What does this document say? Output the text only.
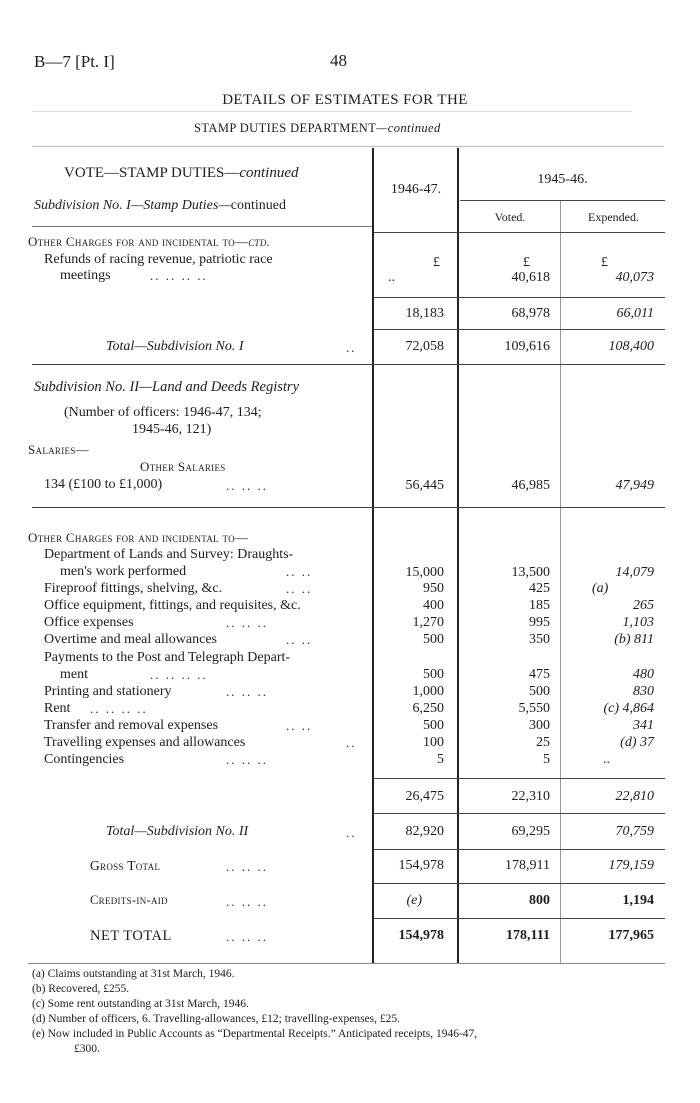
B—7 [Pt. I]	48
DETAILS OF ESTIMATES FOR THE
STAMP DUTIES DEPARTMENT—continued
1946-47.
1945-46.
Voted.	Expended.
VOTE—STAMP DUTIES—continued
Subdivision No. I—Stamp Duties—continued
Other Charges for and incidental to—ctd.
Refunds of racing revenue, patriotic race
meetings	.. .. .. ..
£	£	£
..	40,618	40,073
18,183	68,978	66,011
Total—Subdivision No. I	..	72,058	109,616	108,400
Subdivision No. II—Land and Deeds Registry
(Number of officers: 1946-47, 134;
1945-46, 121)
Salaries—
Other Salaries
134 (£100 to £1,000)	.. .. ..	56,445	46,985	47,949
Other Charges for and incidental to—
Department of Lands and Survey: Draughts-
men's work performed	.. ..	15,000	13,500	14,079
Fireproof fittings, shelving, &c.	.. ..	950	425	(a)
Office equipment, fittings, and requisites, &c.	400	185	265
Office expenses	.. .. ..	1,270	995	1,103
Overtime and meal allowances	.. ..	500	350	(b) 811
Payments to the Post and Telegraph Depart-
ment	.. .. .. ..	500	475	480
Printing and stationery	.. .. ..	1,000	500	830
Rent .. .. .. ..	6,250	5,550	(c) 4,864
Transfer and removal expenses	.. ..	500	300	341
Travelling expenses and allowances	..	100	25	(d) 37
Contingencies	.. .. ..	5	5	..
26,475	22,310	22,810
Total—Subdivision No. II	..	82,920	69,295	70,759
Gross Total	.. .. ..	154,978	178,911	179,159
Credits-in-aid	.. .. ..	(e)	800	1,194
NET TOTAL	.. .. ..	154,978	178,111	177,965
(a) Claims outstanding at 31st March, 1946.
(b) Recovered, £255.
(c) Some rent outstanding at 31st March, 1946.
(d) Number of officers, 6. Travelling-allowances, £12; travelling-expenses, £25.
(e) Now included in Public Accounts as “Departmental Receipts.” Anticipated receipts, 1946-47,
£300.
